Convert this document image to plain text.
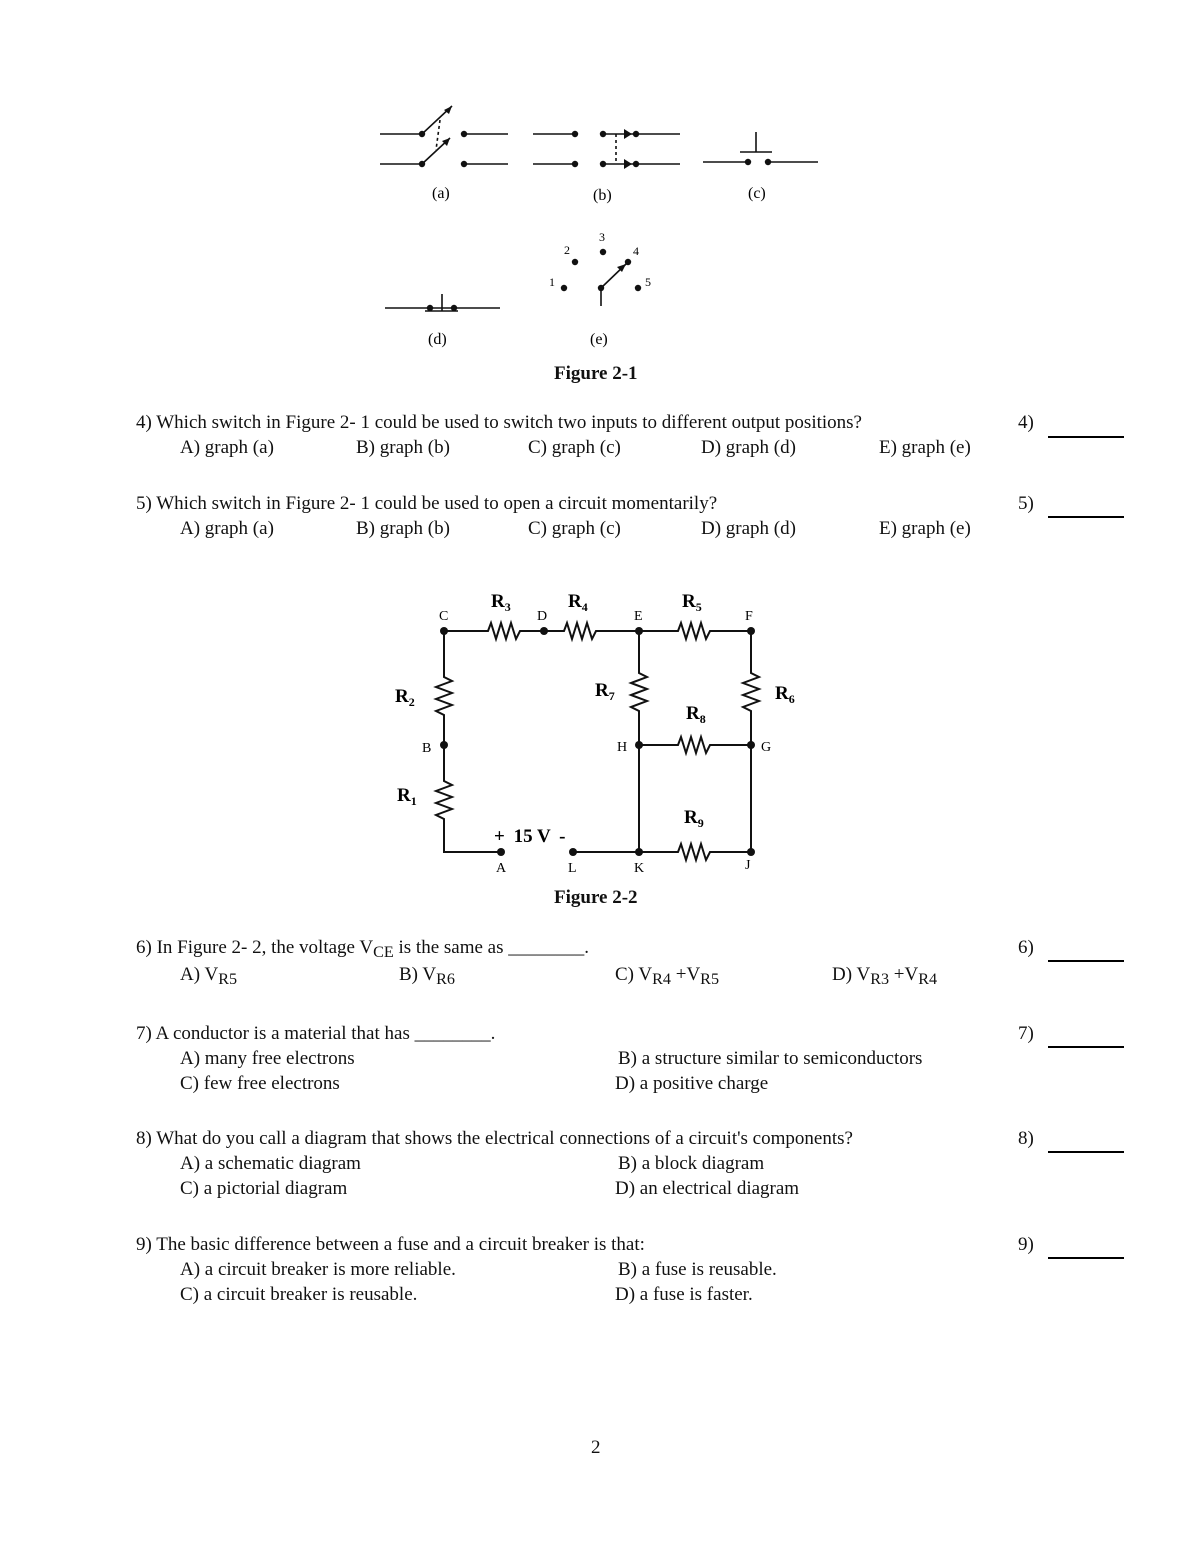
1
2
3
4
5
(a)	(b)	(c)
(d)	(e)
Figure 2-1
4) Which switch in Figure 2- 1 could be used to switch two inputs to different output positions?	4)
A) graph (a)	B) graph (b)	C) graph (c)	D) graph (d)	E) graph (e)
5) Which switch in Figure 2- 1 could be used to open a circuit momentarily?	5)
A) graph (a)	B) graph (b)	C) graph (c)	D) graph (d)	E) graph (e)
C	D	E	F
B	H	G
A	L	K	J
$R_3$	$R_4$	$R_5$
$R_2$
$R_7$	$R_6$
$R_8$
$R_1$
$R_9$
+ 15 V -
Figure 2-2
6) In Figure 2- 2, the voltage $V_{CE}$ is the same as ________.	6)
A) $V_{R5}$	B) $V_{R6}$	C) $V_{R4} +V_{R5}$	D) $V_{R3} +V_{R4}$
7) A conductor is a material that has ________.	7)
A) many free electrons	B) a structure similar to semiconductors
C) few free electrons	D) a positive charge
8) What do you call a diagram that shows the electrical connections of a circuit's components?	8)
A) a schematic diagram	B) a block diagram
C) a pictorial diagram	D) an electrical diagram
9) The basic difference between a fuse and a circuit breaker is that:	9)
A) a circuit breaker is more reliable.	B) a fuse is reusable.
C) a circuit breaker is reusable.	D) a fuse is faster.
2
